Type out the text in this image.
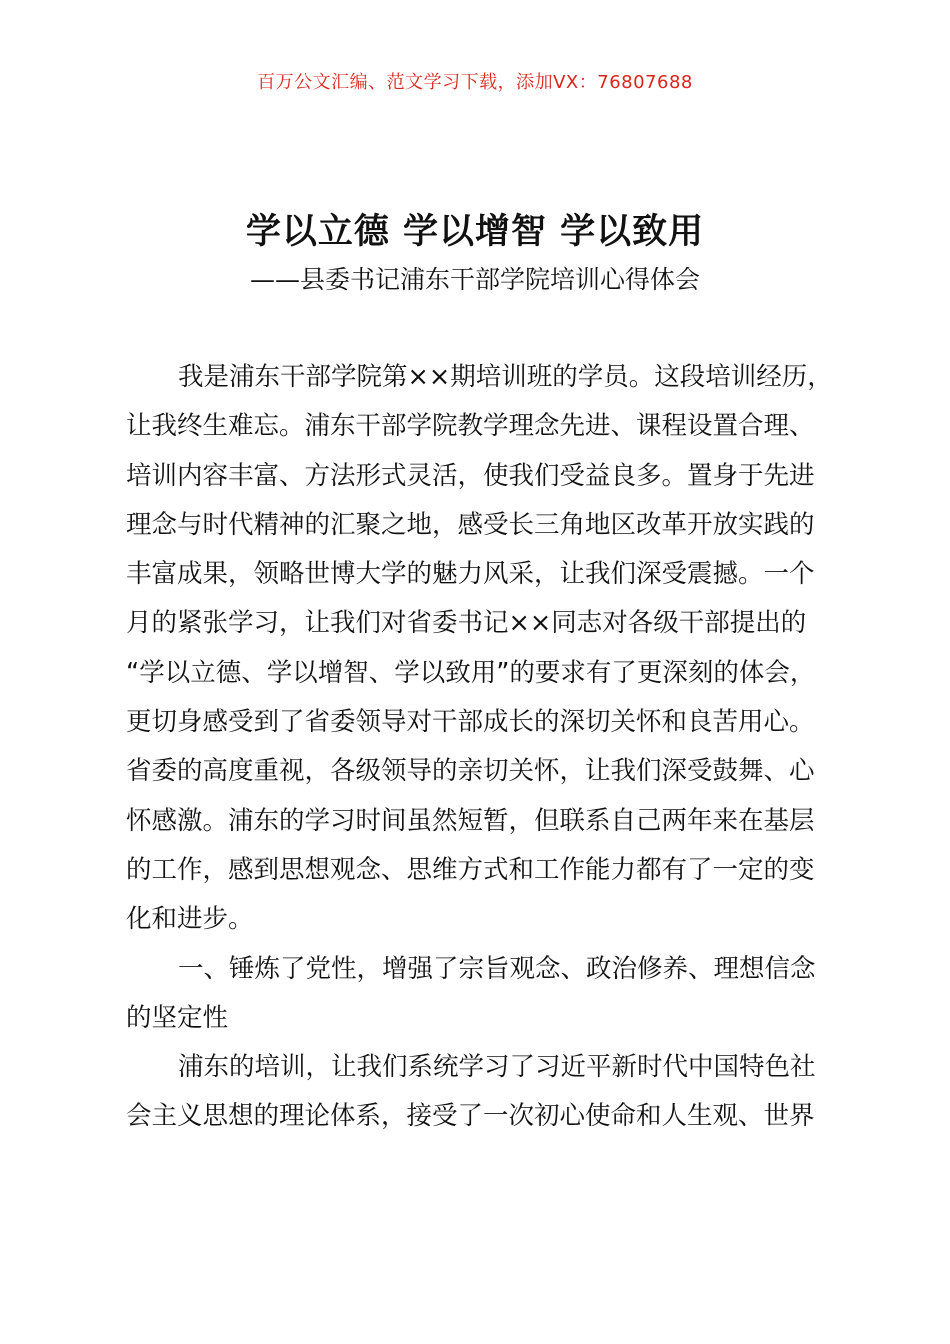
百万公文汇编、范文学习下载，添加VX：76807688
学以立德 学以增智 学以致用
——县委书记浦东干部学院培训心得体会
我是浦东干部学院第××期培训班的学员。这段培训经历，
让我终生难忘。浦东干部学院教学理念先进、课程设置合理、
培训内容丰富、方法形式灵活，使我们受益良多。置身于先进
理念与时代精神的汇聚之地，感受长三角地区改革开放实践的
丰富成果，领略世博大学的魅力风采，让我们深受震撼。一个
月的紧张学习，让我们对省委书记××同志对各级干部提出的
“学以立德、学以增智、学以致用”的要求有了更深刻的体会，
更切身感受到了省委领导对干部成长的深切关怀和良苦用心。
省委的高度重视，各级领导的亲切关怀，让我们深受鼓舞、心
怀感激。浦东的学习时间虽然短暂，但联系自己两年来在基层
的工作，感到思想观念、思维方式和工作能力都有了一定的变
化和进步。
一、锤炼了党性，增强了宗旨观念、政治修养、理想信念
的坚定性
浦东的培训，让我们系统学习了习近平新时代中国特色社
会主义思想的理论体系，接受了一次初心使命和人生观、世界
